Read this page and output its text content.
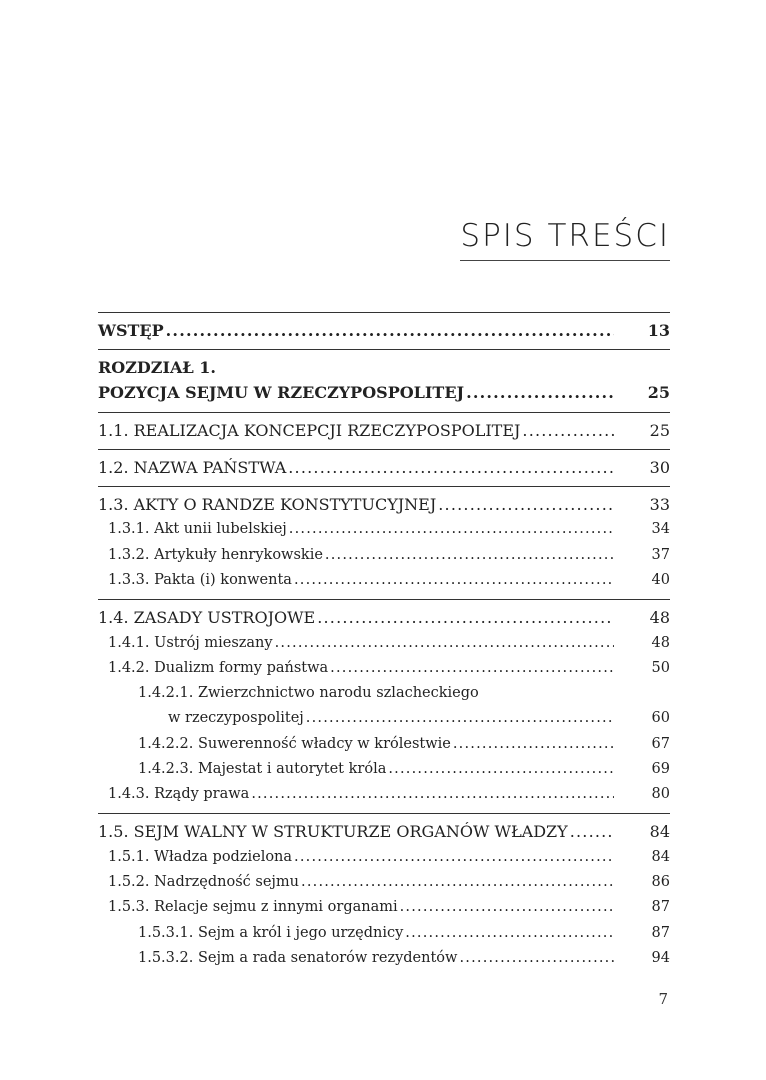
SPIS TREŚCI
WSTĘP .....	13
ROZDZIAŁ 1.
POZYCJA SEJMU W RZECZYPOSPOLITEJ .....	25
1.1. REALIZACJA KONCEPCJI RZECZYPOSPOLITEJ .....	25
1.2. NAZWA PAŃSTWA .....	30
1.3. AKTY O RANDZE KONSTYTUCYJNEJ .....	33
1.3.1. Akt unii lubelskiej .....	34
1.3.2. Artykuły henrykowskie .....	37
1.3.3. Pakta (i) konwenta .....	40
1.4. ZASADY USTROJOWE .....	48
1.4.1. Ustrój mieszany .....	48
1.4.2. Dualizm formy państwa .....	50
1.4.2.1. Zwierzchnictwo narodu szlacheckiego
w rzeczypospolitej .....	60
1.4.2.2. Suwerenność władcy w królestwie .....	67
1.4.2.3. Majestat i autorytet króla .....	69
1.4.3. Rządy prawa .....	80
1.5. SEJM WALNY W STRUKTURZE ORGANÓW WŁADZY .....	84
1.5.1. Władza podzielona .....	84
1.5.2. Nadrzędność sejmu .....	86
1.5.3. Relacje sejmu z innymi organami .....	87
1.5.3.1. Sejm a król i jego urzędnicy .....	87
1.5.3.2. Sejm a rada senatorów rezydentów .....	94
7
